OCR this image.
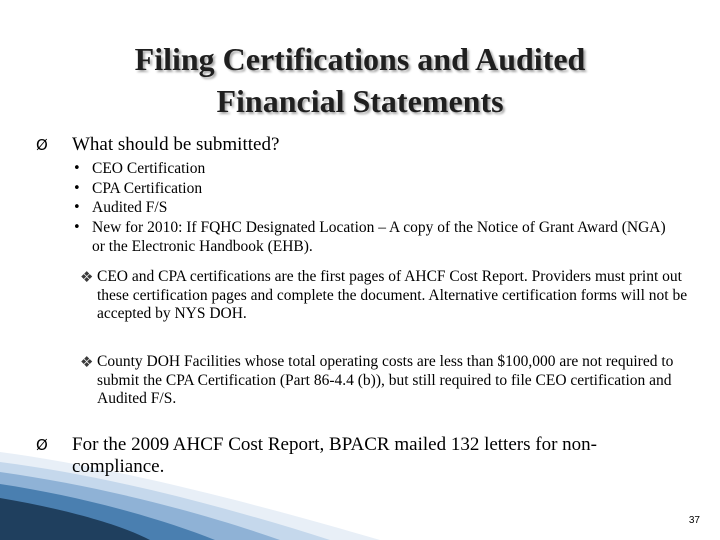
Filing Certifications and Audited
Financial Statements
Ø What should be submitted?
• CEO Certification
• CPA Certification
• Audited F/S
• New for 2010: If FQHC Designated Location – A copy of the Notice of Grant Award (NGA) or the Electronic Handbook (EHB).
❖ CEO and CPA certifications are the first pages of AHCF Cost Report. Providers must print out these certification pages and complete the document. Alternative certification forms will not be accepted by NYS DOH.
❖ County DOH Facilities whose total operating costs are less than $100,000 are not required to submit the CPA Certification (Part 86-4.4 (b)), but still required to file CEO certification and Audited F/S.
Ø For the 2009 AHCF Cost Report, BPACR mailed 132 letters for non-compliance.
37
